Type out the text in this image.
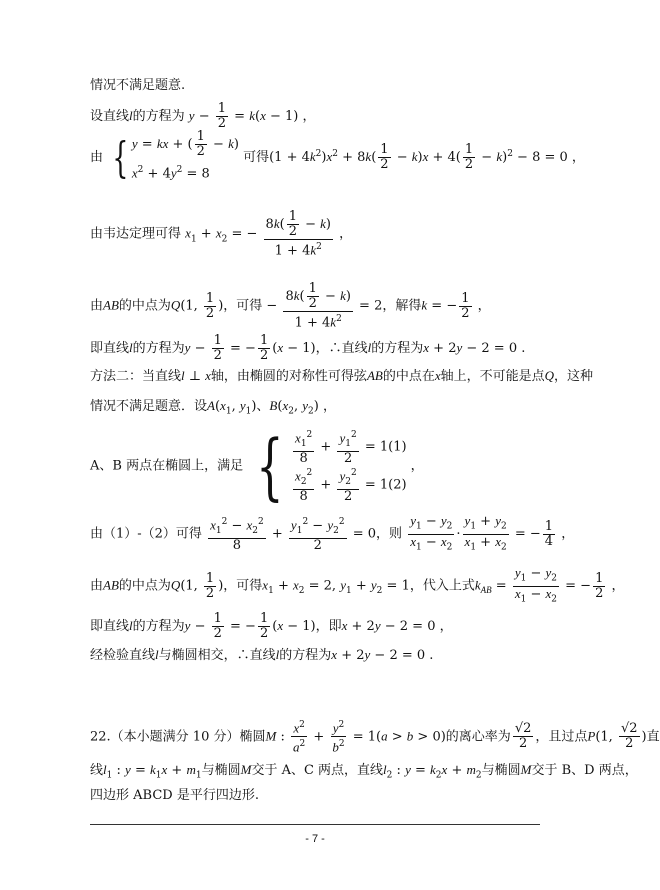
情况不满足题意.
设直线l的方程为 $y - \frac{1}{2} = k(x - 1)$ ，
由 { y = kx + ( $\frac{1}{2} - k$)
$x^2 + 4y^2 = 8$
可得$(1 + 4k^2)x^2 + 8k( \frac{1}{2} - k)x + 4( \frac{1}{2} - k)^2 - 8 = 0$ ，
由韦达定理可得 $x_1 + x_2$ = − $\frac{8k( \frac{1}{2} - k)}{1 + 4k^2}$ ，
由AB的中点为Q(1, $\frac{1}{2}$ )，可得 − $\frac{8k( \frac{1}{2} - k)}{1 + 4k^2} = 2$，解得k = − $\frac{1}{2}$ ，
即直线l的方程为$y - \frac{1}{2}$ = − $\frac{1}{2} (x - 1)$，∴直线l的方程为x + 2y − 2 = 0 .
方法二：当直线l ⊥ x轴，由椭圆的对称性可得弦AB的中点在x轴上，不可能是点Q，这种
情况不满足题意．设$A(x_1$, $y_1$)、$B(x_2$, $y_2$) ，
A、B 两点在椭圆上，满足 { $\frac{x_1^2}{8} + \frac{y_1^2}{2} = 1(1)$
$\frac{x_2^2}{8} + \frac{y_2^2}{2} = 1(2)$
，
由（1）-（2）可得 $\frac{x_1^2 - x_2^2}{8} + \frac{y_1^2 - y_2^2}{2} = 0$，则 $\frac{y_1 - y_2}{x_1 - x_2} \cdot \frac{y_1 + y_2}{x_1 + x_2}$ = − $\frac{1}{4}$ ，
由AB的中点为Q(1, $\frac{1}{2}$ )，可得$x_1 + x_2 = 2$, $y_1 + y_2 = 1$，代入上式$k_{AB} = \frac{y_1 - y_2}{x_1 - x_2}$ = − $\frac{1}{2}$ ，
即直线l的方程为$y - \frac{1}{2}$ = − $\frac{1}{2} (x - 1)$，即x + 2y − 2 = 0 ，
经检验直线l与椭圆相交，∴直线l的方程为x + 2y − 2 = 0 .
22.（本小题满分 10 分）椭圆M : $\frac{x^2}{a^2} + \frac{y^2}{b^2} = 1(a > b > 0)$的离心率为 $\frac{√2}{2}$ ，且过点P(1, $\frac{√2}{2}$ )直
线$l_1$ : $y = k_1x + m_1$与椭圆M交于 A、C 两点，直线$l_2$ : $y = k_2x + m_2$与椭圆M交于 B、D 两点，
四边形 ABCD 是平行四边形.
- 7 -
